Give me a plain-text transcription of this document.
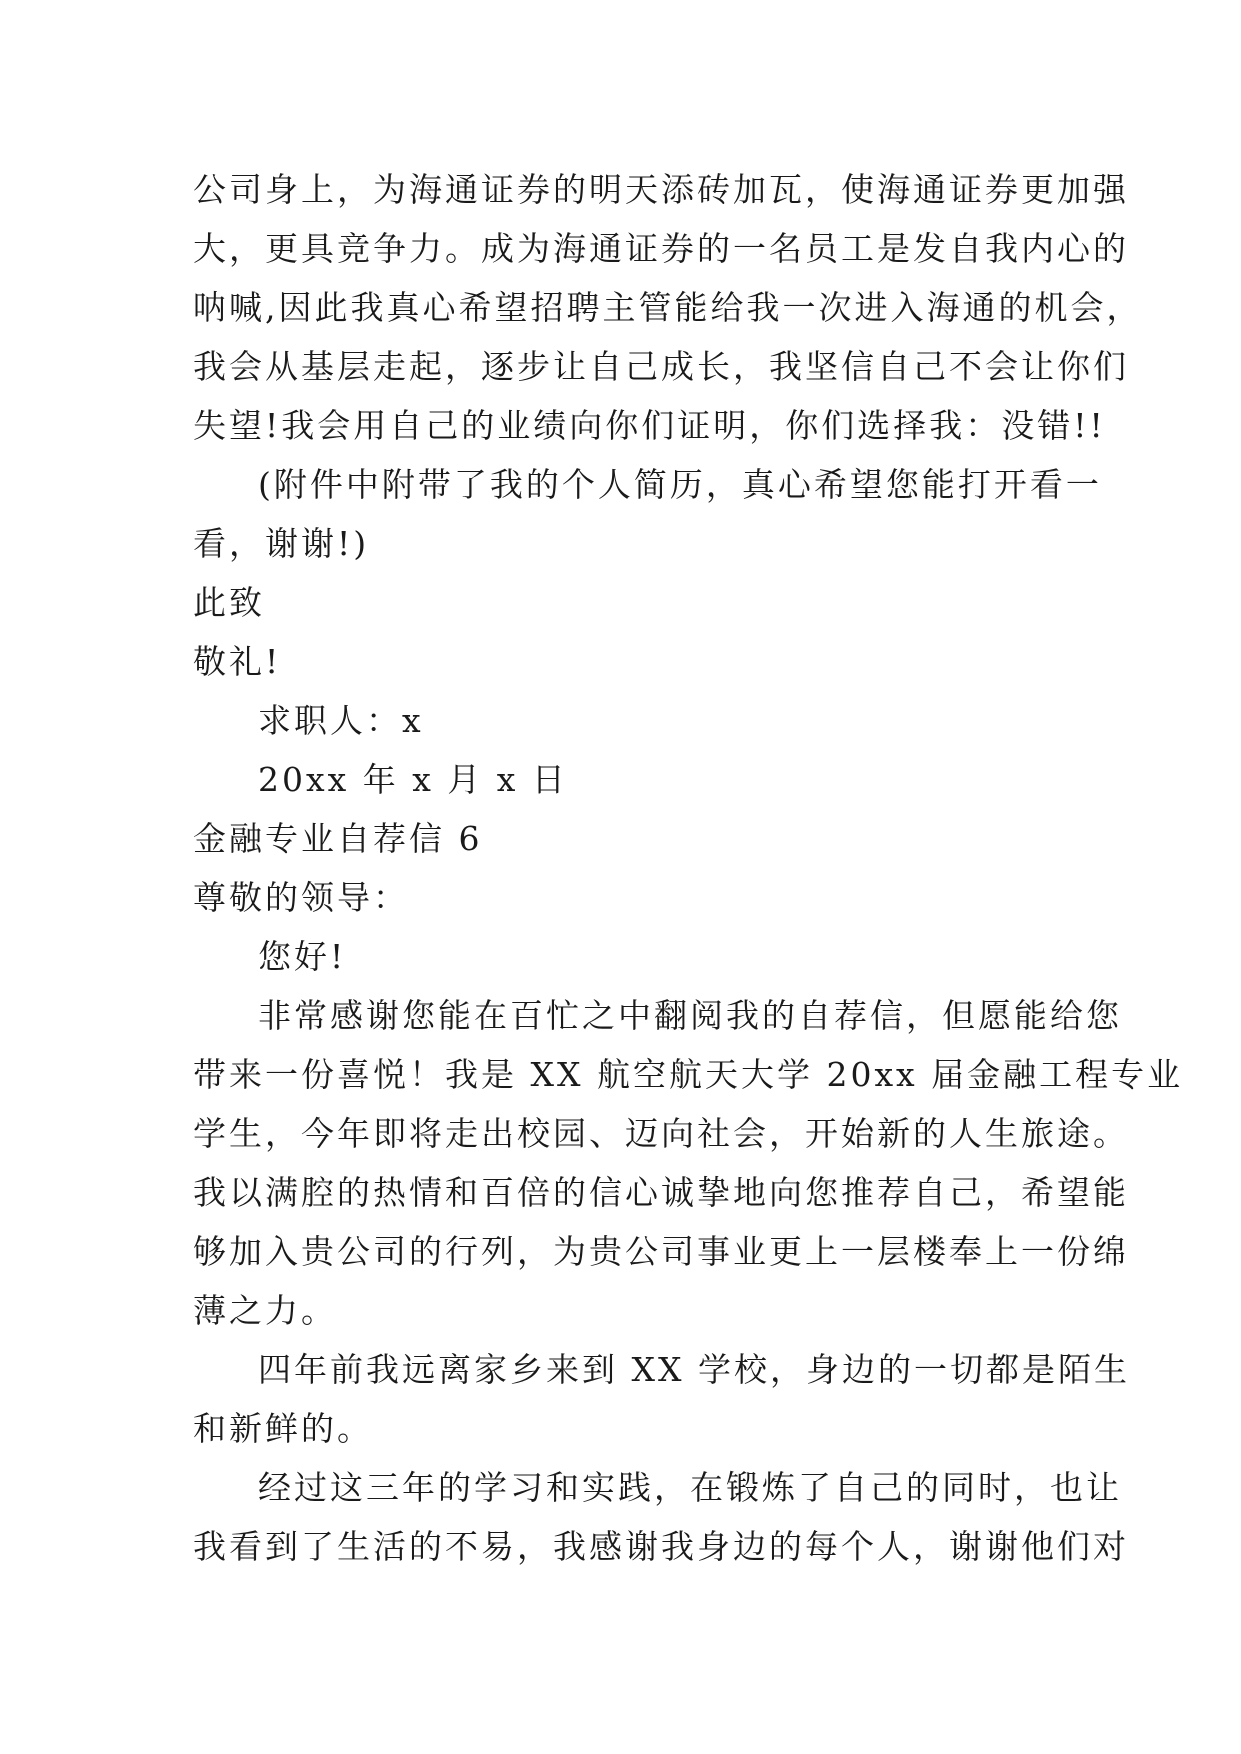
公司身上，为海通证券的明天添砖加瓦，使海通证券更加强
大，更具竞争力。成为海通证券的一名员工是发自我内心的
呐喊,因此我真心希望招聘主管能给我一次进入海通的机会，
我会从基层走起，逐步让自己成长，我坚信自己不会让你们
失望!我会用自己的业绩向你们证明，你们选择我：没错!!
(附件中附带了我的个人简历，真心希望您能打开看一
看，谢谢!)
此致
敬礼!
求职人：x
20xx 年 x 月 x 日
金融专业自荐信 6
尊敬的领导：
您好!
非常感谢您能在百忙之中翻阅我的自荐信，但愿能给您
带来一份喜悦！我是 XX 航空航天大学 20xx 届金融工程专业
学生，今年即将走出校园、迈向社会，开始新的人生旅途。
我以满腔的热情和百倍的信心诚挚地向您推荐自己，希望能
够加入贵公司的行列，为贵公司事业更上一层楼奉上一份绵
薄之力。
四年前我远离家乡来到 XX 学校，身边的一切都是陌生
和新鲜的。
经过这三年的学习和实践，在锻炼了自己的同时，也让
我看到了生活的不易，我感谢我身边的每个人，谢谢他们对
